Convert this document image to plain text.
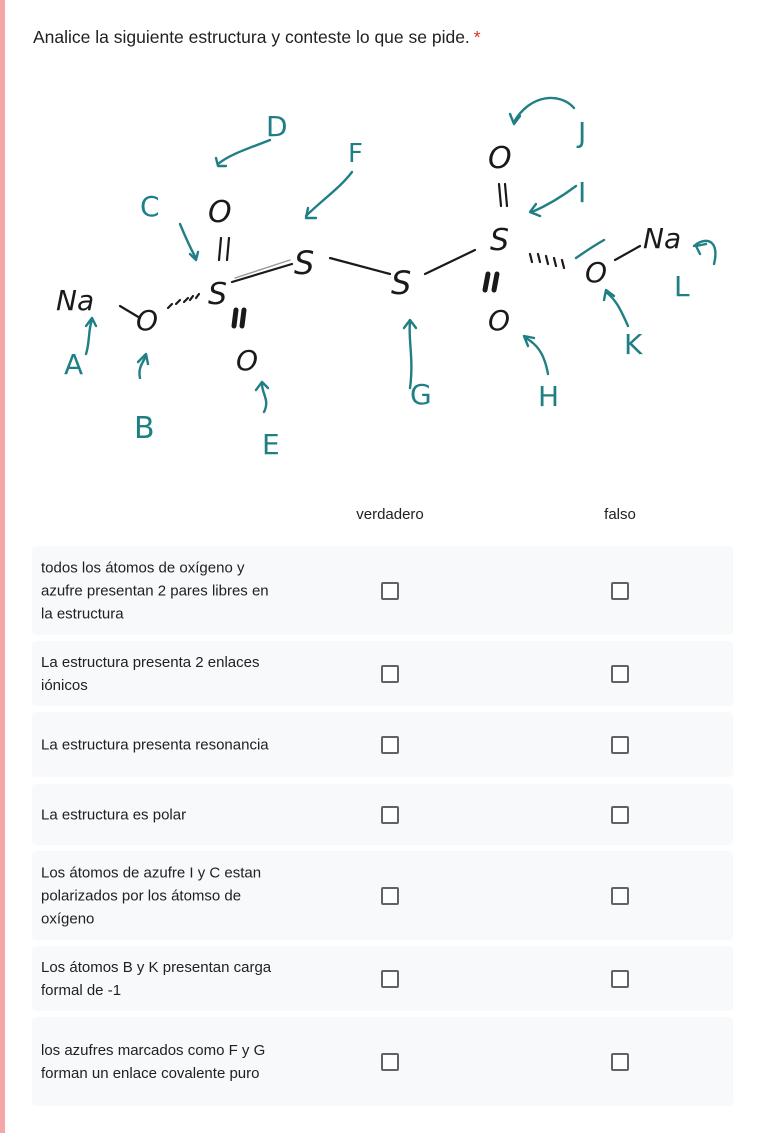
Analice la siguiente estructura y conteste lo que se pide. *
O
S
O
O
S
S
O
S
O
O
Na
Na
D
F
J
I
C
L
K
A
B	E
G	H
verdadero	falso
todos los átomos de oxígeno y azufre presentan 2 pares libres en la estructura
La estructura presenta 2 enlaces iónicos
La estructura presenta resonancia
La estructura es polar
Los átomos de azufre I y C estan polarizados por los átomso de oxígeno
Los átomos B y K presentan carga formal de -1
los azufres marcados como F y G forman un enlace covalente puro
